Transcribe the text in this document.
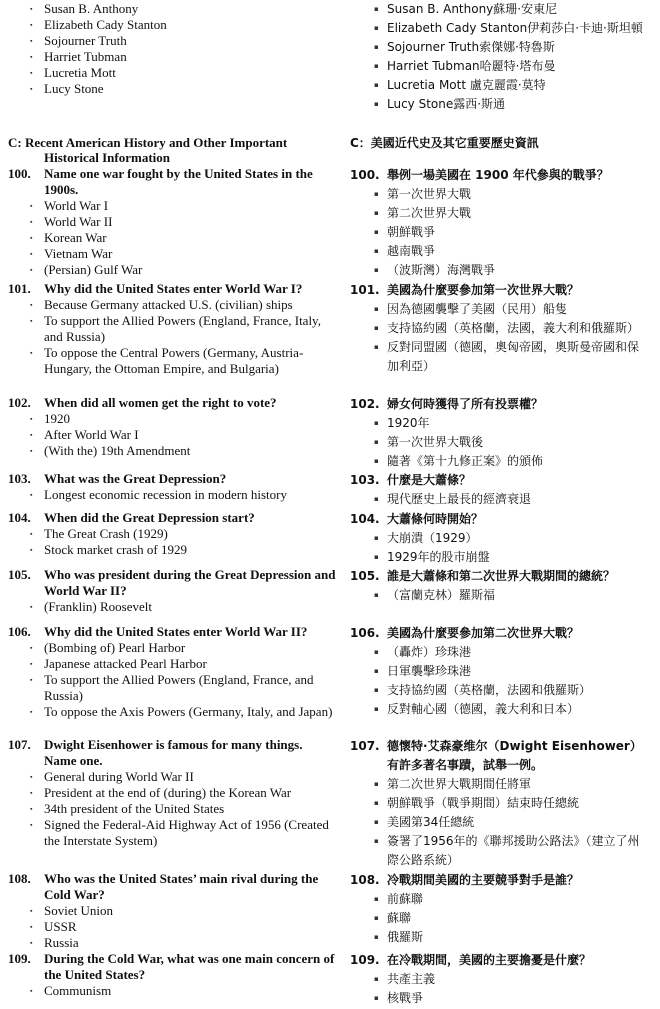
▪ Susan B. Anthony
▪ Elizabeth Cady Stanton
▪ Sojourner Truth
▪ Harriet Tubman
▪ Lucretia Mott
▪ Lucy Stone
C: Recent American History and Other Important
Historical Information
100. Name one war fought by the United States in the 1900s.
▪ World War I
▪ World War II
▪ Korean War
▪ Vietnam War
▪ (Persian) Gulf War
101. Why did the United States enter World War I?
▪ Because Germany attacked U.S. (civilian) ships
▪ To support the Allied Powers (England, France, Italy, and Russia)
▪ To oppose the Central Powers (Germany, Austria-Hungary, the Ottoman Empire, and Bulgaria)
102. When did all women get the right to vote?
▪ 1920
▪ After World War I
▪ (With the) 19th Amendment
103. What was the Great Depression?
▪ Longest economic recession in modern history
104. When did the Great Depression start?
▪ The Great Crash (1929)
▪ Stock market crash of 1929
105. Who was president during the Great Depression and World War II?
▪ (Franklin) Roosevelt
106. Why did the United States enter World War II?
▪ (Bombing of) Pearl Harbor
▪ Japanese attacked Pearl Harbor
▪ To support the Allied Powers (England, France, and Russia)
▪ To oppose the Axis Powers (Germany, Italy, and Japan)
107. Dwight Eisenhower is famous for many things. Name one.
▪ General during World War II
▪ President at the end of (during) the Korean War
▪ 34th president of the United States
▪ Signed the Federal-Aid Highway Act of 1956 (Created the Interstate System)
108. Who was the United States’ main rival during the Cold War?
▪ Soviet Union
▪ USSR
▪ Russia
109. During the Cold War, what was one main concern of the United States?
▪ Communism
▪ Susan B. Anthony蘇珊·安東尼
▪ Elizabeth Cady Stanton伊莉莎白·卡迪·斯坦頓
▪ Sojourner Truth索傑娜·特魯斯
▪ Harriet Tubman哈麗特·塔布曼
▪ Lucretia Mott 盧克麗霞·莫特
▪ Lucy Stone露西·斯通
C：美國近代史及其它重要歷史資訊
100. 舉例一場美國在 1900 年代參與的戰爭？
▪ 第一次世界大戰
▪ 第二次世界大戰
▪ 朝鮮戰爭
▪ 越南戰爭
▪ （波斯灣）海灣戰爭
101. 美國為什麼要參加第一次世界大戰？
▪ 因為德國襲擊了美國（民用）船隻
▪ 支持協約國（英格蘭，法國，義大利和俄羅斯）
▪ 反對同盟國（德國，奧匈帝國，奧斯曼帝國和保加利亞）
102. 婦女何時獲得了所有投票權？
▪ 1920年
▪ 第一次世界大戰後
▪ 隨著《第十九修正案》的頒佈
103. 什麼是大蕭條？
▪ 現代歷史上最長的經濟衰退
104. 大蕭條何時開始？
▪ 大崩潰（1929）
▪ 1929年的股市崩盤
105. 誰是大蕭條和第二次世界大戰期間的總統？
▪ （富蘭克林）羅斯福
106. 美國為什麼要參加第二次世界大戰？
▪ （轟炸）珍珠港
▪ 日軍襲擊珍珠港
▪ 支持協約國（英格蘭，法國和俄羅斯）
▪ 反對軸心國（德國，義大利和日本）
107. 德懷特·艾森豪维尔（Dwight Eisenhower）有許多著名事蹟，試舉一例。
▪ 第二次世界大戰期間任將軍
▪ 朝鮮戰爭（戰爭期間）結束時任總統
▪ 美國第34任總統
▪ 簽署了1956年的《聯邦援助公路法》（建立了州際公路系統）
108. 冷戰期間美國的主要競爭對手是誰？
▪ 前蘇聯
▪ 蘇聯
▪ 俄羅斯
109. 在冷戰期間，美國的主要擔憂是什麼？
▪ 共產主義
▪ 核戰爭
